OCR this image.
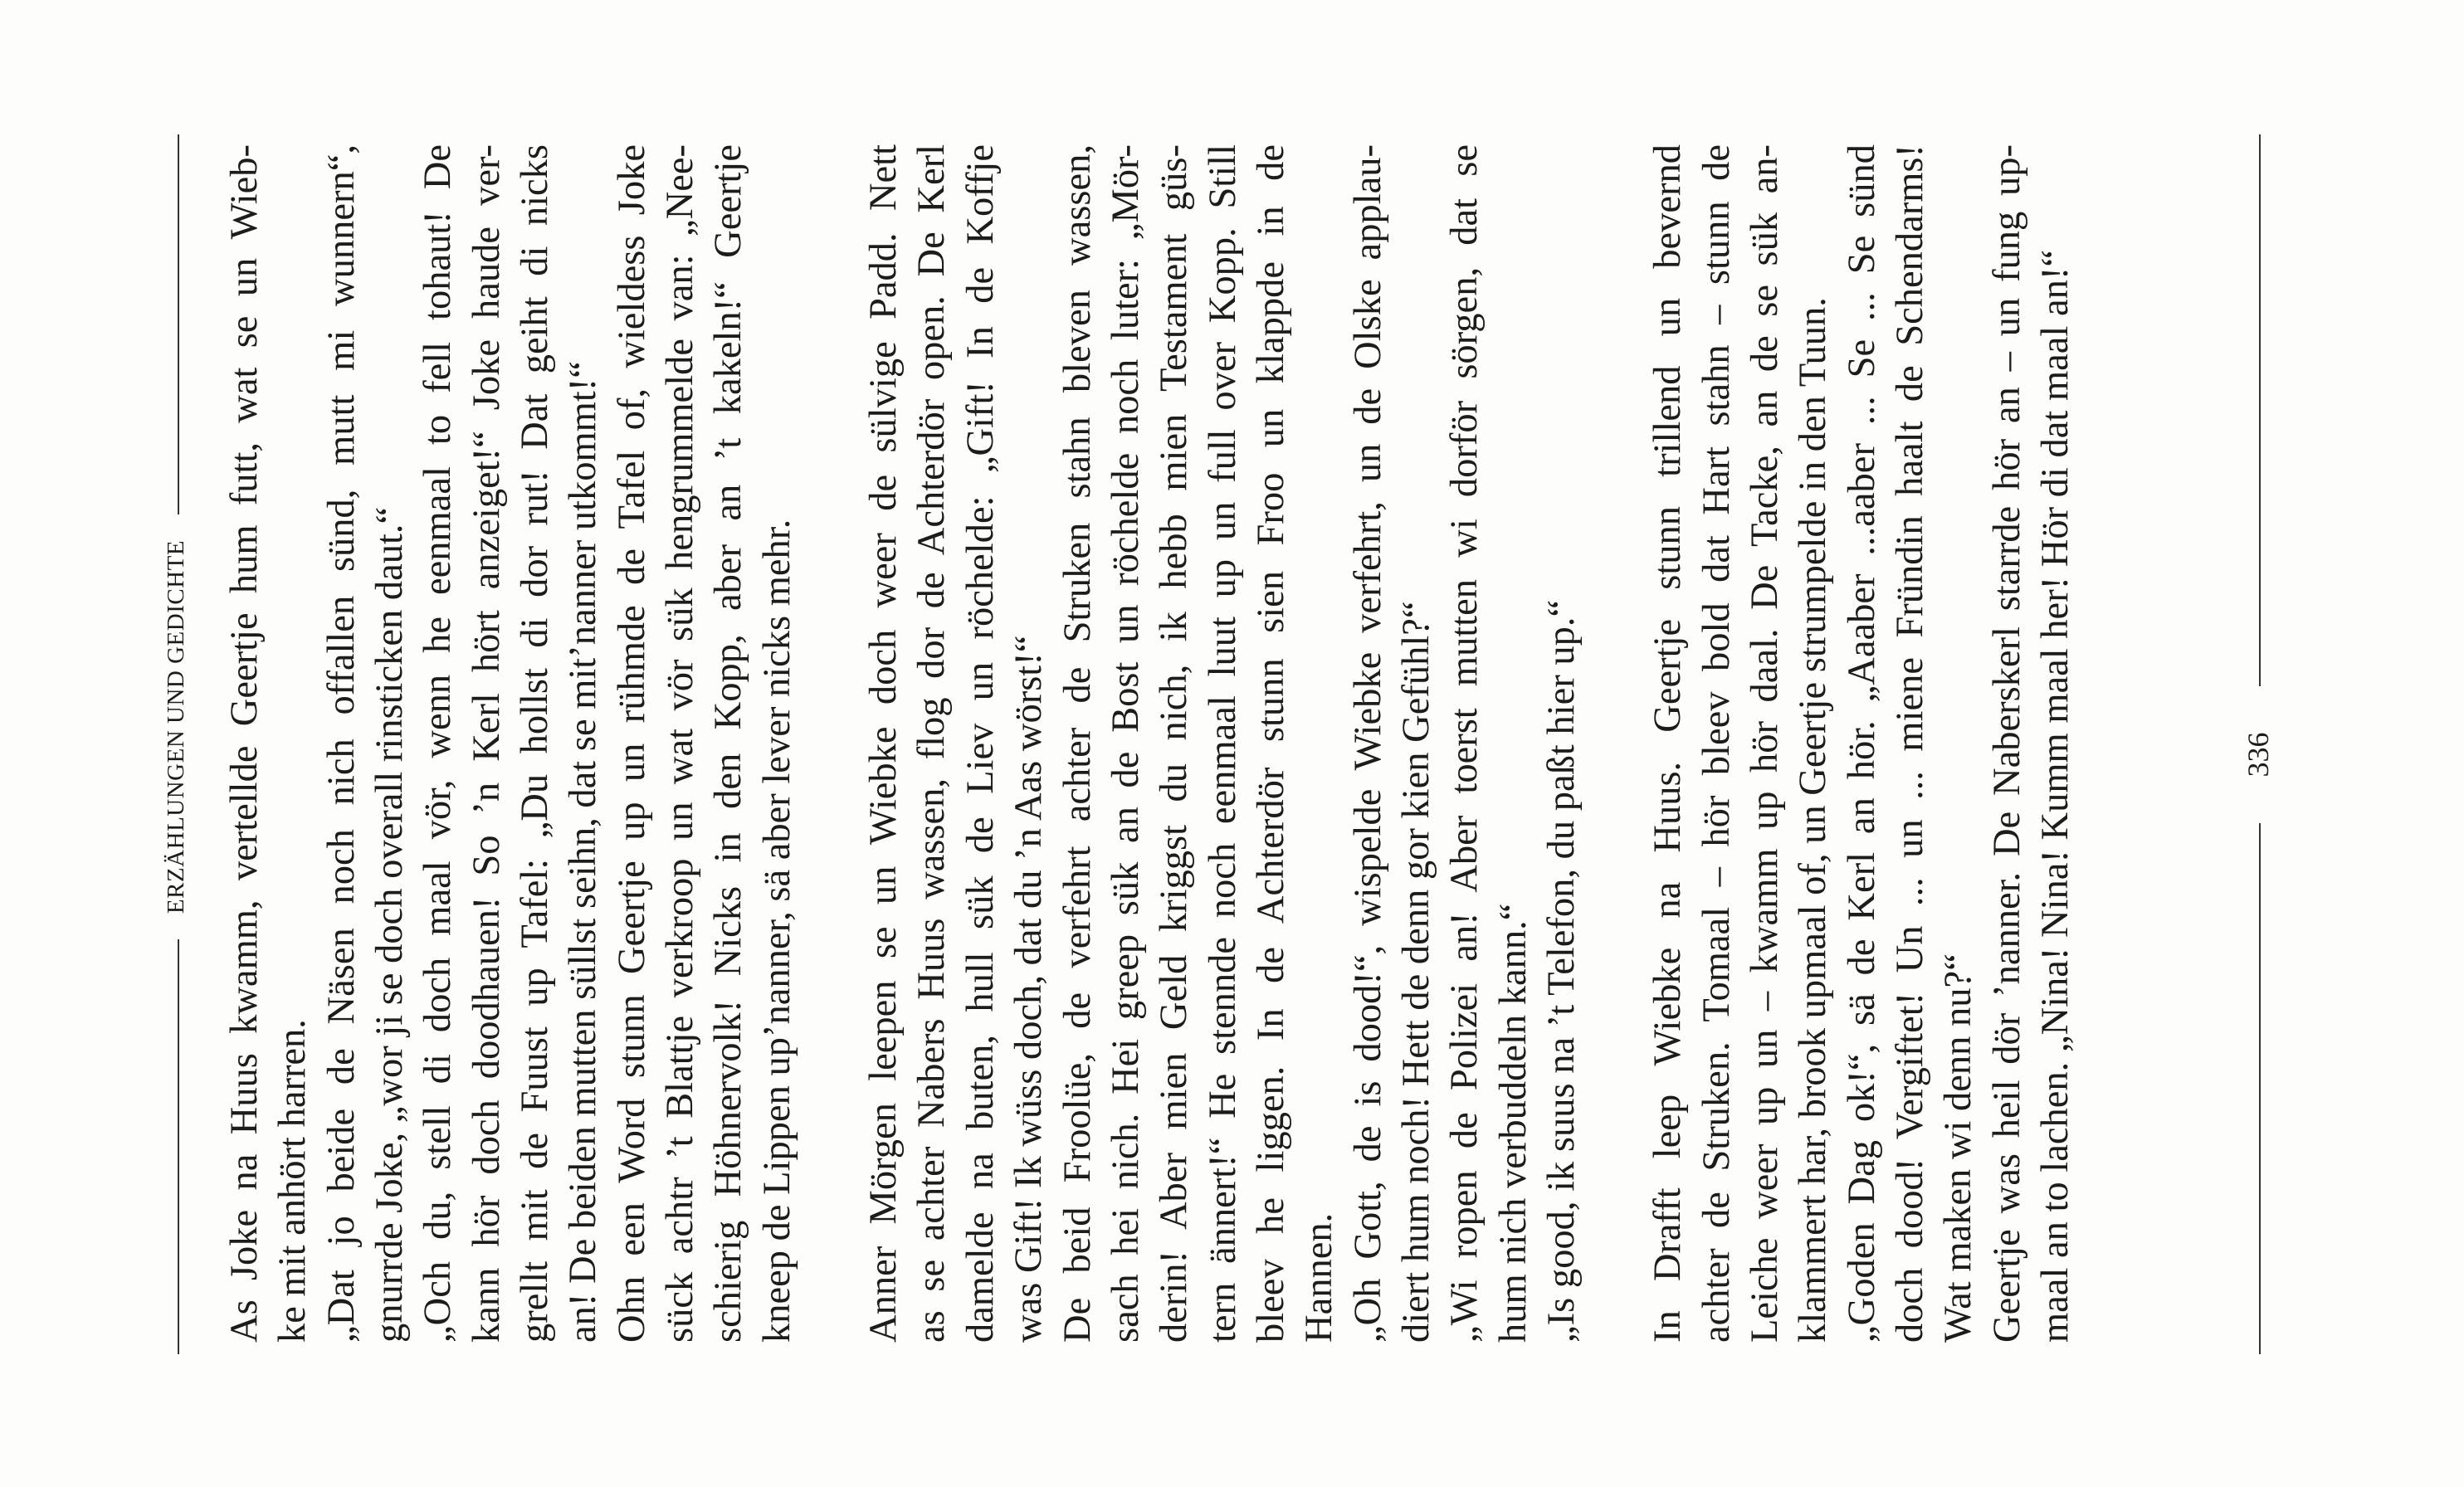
ERZÄHLUNGEN UND GEDICHTE As Joke na Huus kwamm, vertellde Geertje hum futt, wat se un Wieb- ke mit anhört harren. „Dat jo beide de Näsen noch nich offallen sünd, mutt mi wunnern“, gnurrde Joke, „wor ji se doch overall rinsticken daut.“ „Och du, stell di doch maal vör, wenn he eenmaal to fell tohaut! De kann hör doch doodhauen! So ’n Kerl hört anzeiget!“ Joke haude ver- grellt mit de Fuust up Tafel: „Du hollst di dor rut! Dat geiht di nicks an! De beiden mutten süllst seihn, dat se mit’nanner utkommt!“ Ohn een Word stunn Geertje up un rühmde de Tafel of, wieldess Joke sück achtr ’t Blattje verkroop un wat vör sük hengrummelde van: „Nee- schierig Höhnervolk! Nicks in den Kopp, aber an ’t kakeln!“ Geertje kneep de Lippen up’nanner, sä aber lever nicks mehr. Anner Mörgen leepen se un Wiebke doch weer de sülvige Padd. Nett as se achter Nabers Huus wassen, flog dor de Achterdör open. De Kerl damelde na buten, hull sük de Liev un röchelde: „Gift! In de Koffje was Gift! Ik wüss doch, dat du ’n Aas wörst!“ De beid Froolüe, de verfehrt achter de Struken stahn bleven wassen, sach hei nich. Hei greep sük an de Bost un röchelde noch luter: „Mör- derin! Aber mien Geld kriggst du nich, ik hebb mien Testament güs- tern ännert!“ He stennde noch eenmaal luut up un full over Kopp. Still bleev he liggen. In de Achterdör stunn sien Froo un klappde in de Hannen. „Oh Gott, de is dood!“, wispelde Wiebke verfehrt, un de Olske applau- diert hum noch! Hett de denn gor kien Gefühl?“ „Wi ropen de Polizei an! Aber toerst mutten wi dorför sörgen, dat se hum nich verbuddeln kann.“ „Is good, ik suus na ’t Telefon, du paßt hier up.“ In Drafft leep Wiebke na Huus. Geertje stunn trillend un bevernd achter de Struken. Tomaal – hör bleev bold dat Hart stahn – stunn de Leiche weer up un – kwamm up hör daal. De Tacke, an de se sük an- klammert har, brook upmaal of, un Geertje strumpelde in den Tuun. „Goden Dag ok!“, sä de Kerl an hör. „Aaaber ...aaber ... Se ... Se sünd doch dood! Vergiftet! Un ... un ... miene Fründin haalt de Schendarms! Wat maken wi denn nu?“ Geertje was heil dör ’nanner. De Naberskerl starrde hör an – un fung up- maal an to lachen. „Nina! Nina! Kumm maal her! Hör di dat maal an!“	336
